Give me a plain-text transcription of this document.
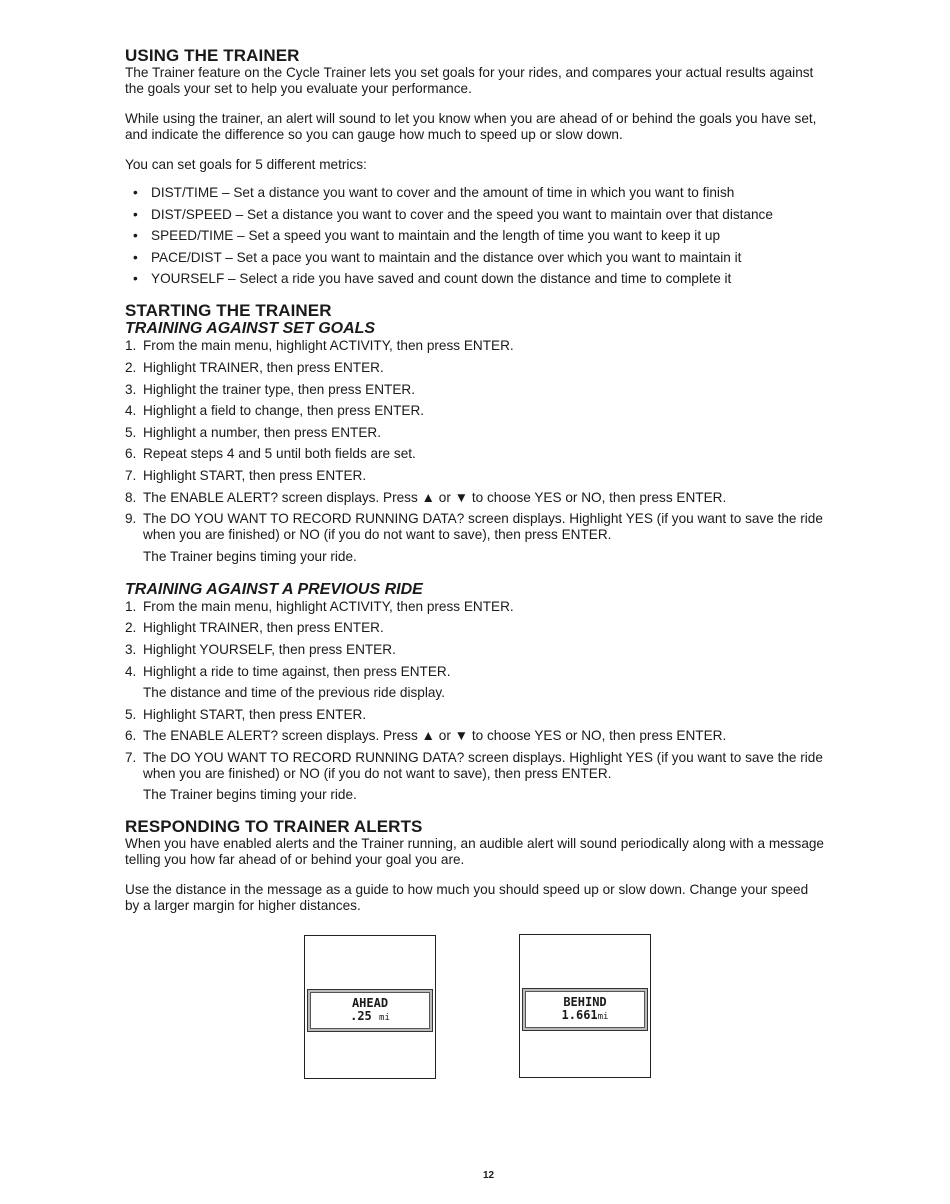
USING THE TRAINER

The Trainer feature on the Cycle Trainer lets you set goals for your rides, and compares your actual results against the goals your set to help you evaluate your performance.

While using the trainer, an alert will sound to let you know when you are ahead of or behind the goals you have set, and indicate the difference so you can gauge how much to speed up or slow down.

You can set goals for 5 different metrics:

• DIST/TIME – Set a distance you want to cover and the amount of time in which you want to finish
• DIST/SPEED – Set a distance you want to cover and the speed you want to maintain over that distance
• SPEED/TIME – Set a speed you want to maintain and the length of time you want to keep it up
• PACE/DIST – Set a pace you want to maintain and the distance over which you want to maintain it
• YOURSELF – Select a ride you have saved and count down the distance and time to complete it
STARTING THE TRAINER
TRAINING AGAINST SET GOALS
1. From the main menu, highlight ACTIVITY, then press ENTER.
2. Highlight TRAINER, then press ENTER.
3. Highlight the trainer type, then press ENTER.
4. Highlight a field to change, then press ENTER.
5. Highlight a number, then press ENTER.
6. Repeat steps 4 and 5 until both fields are set.
7. Highlight START, then press ENTER.
8. The ENABLE ALERT? screen displays. Press ▲ or ▼ to choose YES or NO, then press ENTER.
9. The DO YOU WANT TO RECORD RUNNING DATA? screen displays. Highlight YES (if you want to save the ride when you are finished) or NO (if you do not want to save), then press ENTER.
The Trainer begins timing your ride.
TRAINING AGAINST A PREVIOUS RIDE
1. From the main menu, highlight ACTIVITY, then press ENTER.
2. Highlight TRAINER, then press ENTER.
3. Highlight YOURSELF, then press ENTER.
4. Highlight a ride to time against, then press ENTER.
The distance and time of the previous ride display.
5. Highlight START, then press ENTER.
6. The ENABLE ALERT? screen displays. Press ▲ or ▼ to choose YES or NO, then press ENTER.
7. The DO YOU WANT TO RECORD RUNNING DATA? screen displays. Highlight YES (if you want to save the ride when you are finished) or NO (if you do not want to save), then press ENTER.
The Trainer begins timing your ride.
RESPONDING TO TRAINER ALERTS

When you have enabled alerts and the Trainer running, an audible alert will sound periodically along with a message telling you how far ahead of or behind your goal you are.

Use the distance in the message as a guide to how much you should speed up or slow down. Change your speed by a larger margin for higher distances.

AHEAD
.25 mi
BEHIND
1.661mi
12
